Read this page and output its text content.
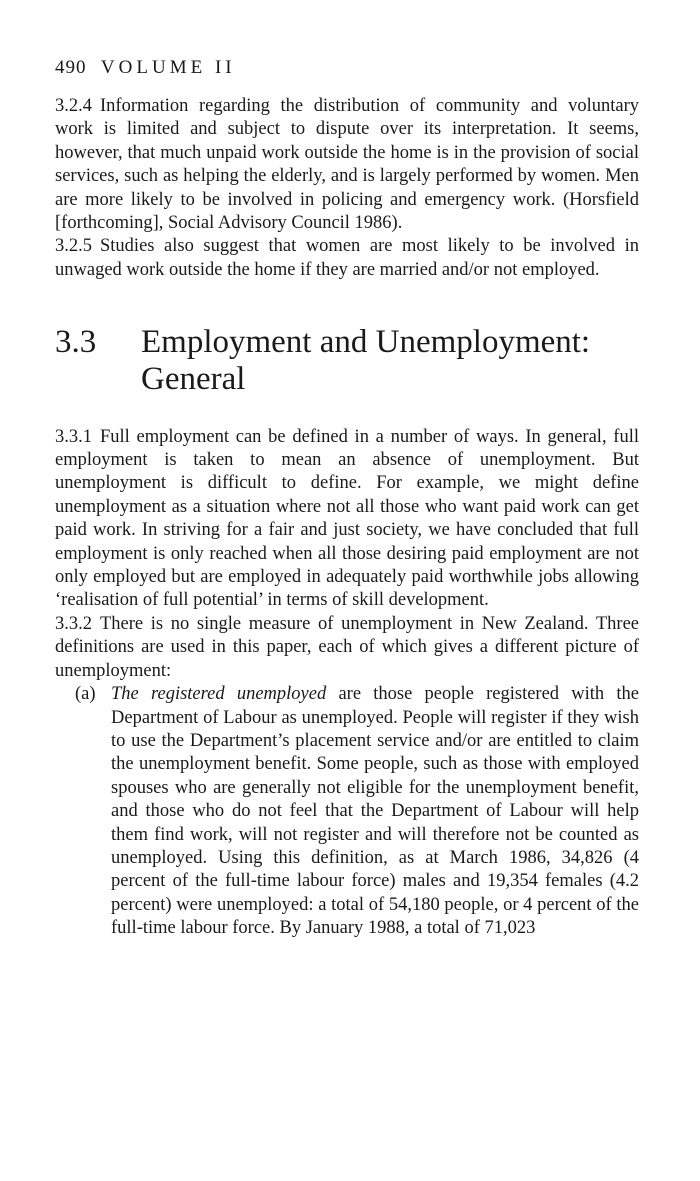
490 VOLUME II

3.2.4 Information regarding the distribution of community and voluntary work is limited and subject to dispute over its interpretation. It seems, however, that much unpaid work outside the home is in the provision of social services, such as helping the elderly, and is largely performed by women. Men are more likely to be involved in policing and emergency work. (Horsfield [forthcoming], Social Advisory Council 1986).

3.2.5 Studies also suggest that women are most likely to be involved in unwaged work outside the home if they are married and/or not employed.

3.3	Employment and Unemployment: General

3.3.1 Full employment can be defined in a number of ways. In general, full employment is taken to mean an absence of unemployment. But unemployment is difficult to define. For example, we might define unemployment as a situation where not all those who want paid work can get paid work. In striving for a fair and just society, we have concluded that full employment is only reached when all those desiring paid employment are not only employed but are employed in adequately paid worthwhile jobs allowing ‘realisation of full potential’ in terms of skill development.

3.3.2 There is no single measure of unemployment in New Zealand. Three definitions are used in this paper, each of which gives a different picture of unemployment:

(a) The registered unemployed are those people registered with the Department of Labour as unemployed. People will register if they wish to use the Department’s placement service and/or are entitled to claim the unemployment benefit. Some people, such as those with employed spouses who are generally not eligible for the unemployment benefit, and those who do not feel that the Department of Labour will help them find work, will not register and will therefore not be counted as unemployed. Using this definition, as at March 1986, 34,826 (4 percent of the full-time labour force) males and 19,354 females (4.2 percent) were unemployed: a total of 54,180 people, or 4 percent of the full-time labour force. By January 1988, a total of 71,023
